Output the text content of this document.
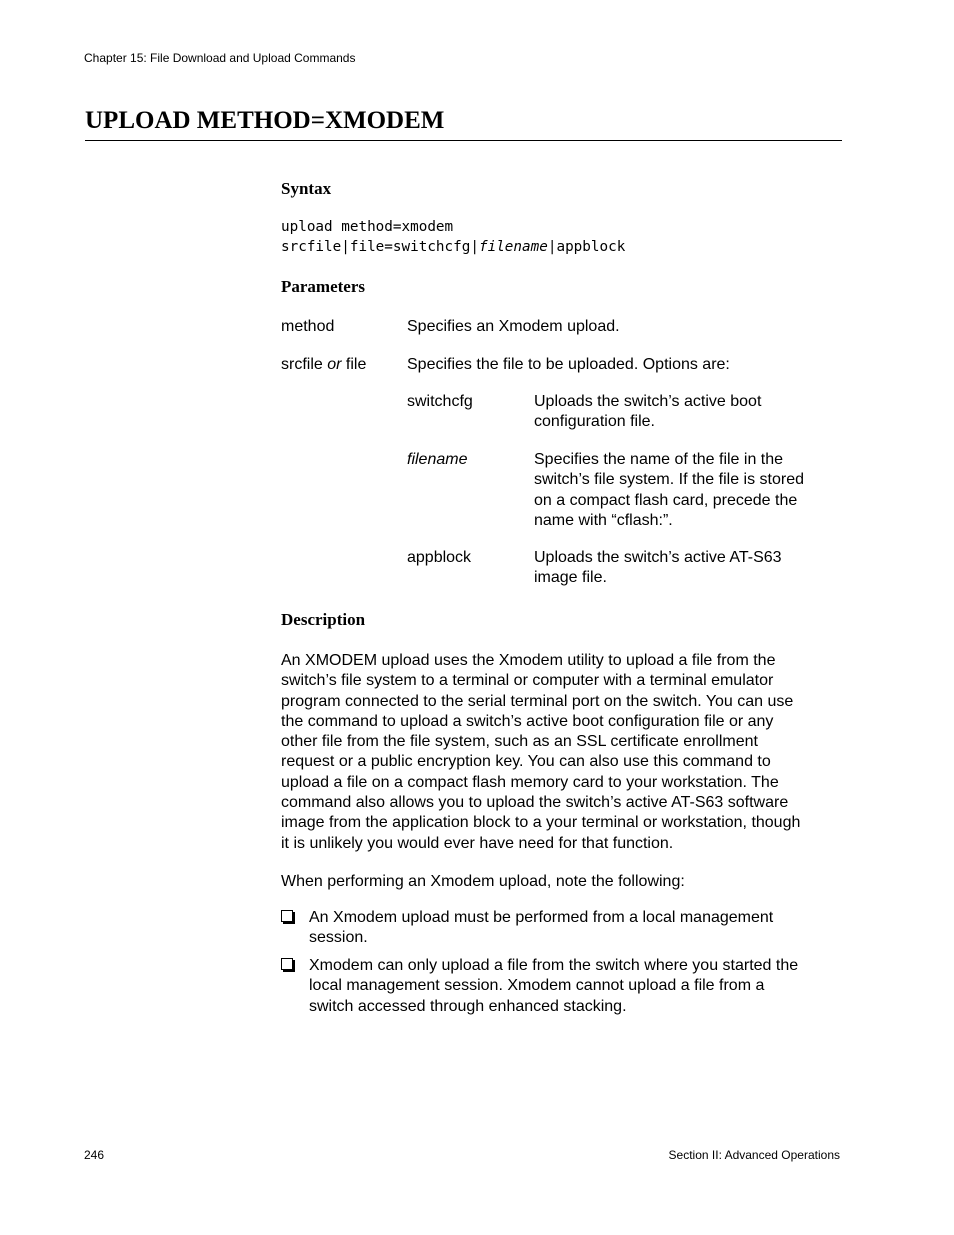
Chapter 15: File Download and Upload Commands
UPLOAD METHOD=XMODEM
Syntax
upload method=xmodem
srcfile|file=switchcfg|filename|appblock
Parameters
method	Specifies an Xmodem upload.
srcfile or file	Specifies the file to be uploaded. Options are:
switchcfg	Uploads the switch’s active boot
configuration file.
filename	Specifies the name of the file in the
switch’s file system. If the file is stored
on a compact flash card, precede the
name with “cflash:”.
appblock	Uploads the switch’s active AT-S63
image file.
Description
An XMODEM upload uses the Xmodem utility to upload a file from the
switch’s file system to a terminal or computer with a terminal emulator
program connected to the serial terminal port on the switch. You can use
the command to upload a switch’s active boot configuration file or any
other file from the file system, such as an SSL certificate enrollment
request or a public encryption key. You can also use this command to
upload a file on a compact flash memory card to your workstation. The
command also allows you to upload the switch’s active AT-S63 software
image from the application block to a your terminal or workstation, though
it is unlikely you would ever have need for that function.
When performing an Xmodem upload, note the following:
An Xmodem upload must be performed from a local management
session.
Xmodem can only upload a file from the switch where you started the
local management session. Xmodem cannot upload a file from a
switch accessed through enhanced stacking.
246	Section II: Advanced Operations
